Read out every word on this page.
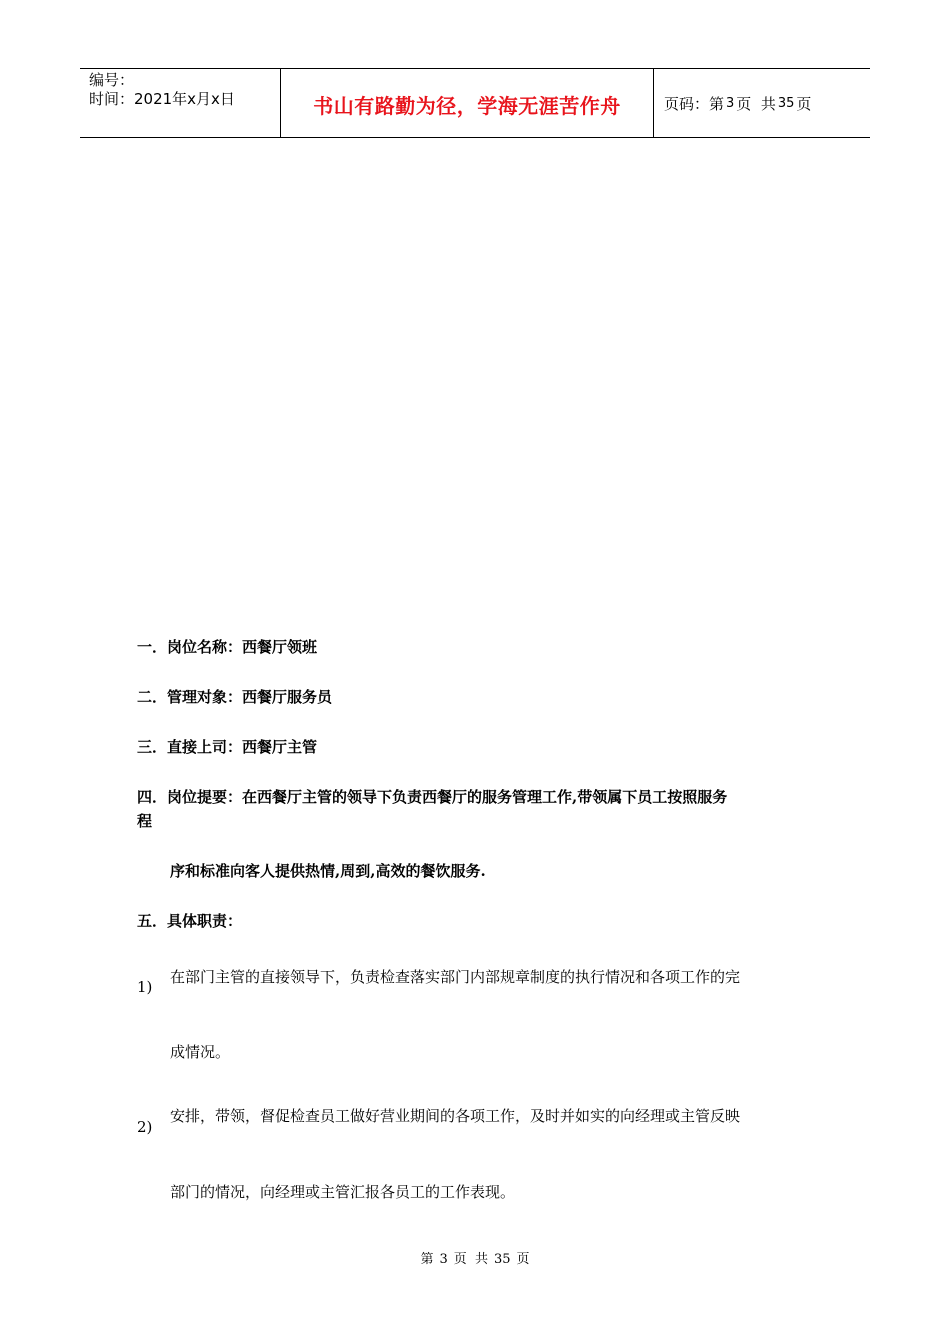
编号：
时间：2021年x月x日	书山有路勤为径，学海无涯苦作舟	页码：第 3 页  共 35 页
一．岗位名称：西餐厅领班
二．管理对象：西餐厅服务员
三．直接上司：西餐厅主管
四．岗位提要：在西餐厅主管的领导下负责西餐厅的服务管理工作,带领属下员工按照服务
程
序和标准向客人提供热情,周到,高效的餐饮服务.
五．具体职责：
1)
在部门主管的直接领导下，负责检查落实部门内部规章制度的执行情况和各项工作的完
成情况。
2)
安排，带领，督促检查员工做好营业期间的各项工作，及时并如实的向经理或主管反映
部门的情况，向经理或主管汇报各员工的工作表现。
第 3 页  共 35 页
